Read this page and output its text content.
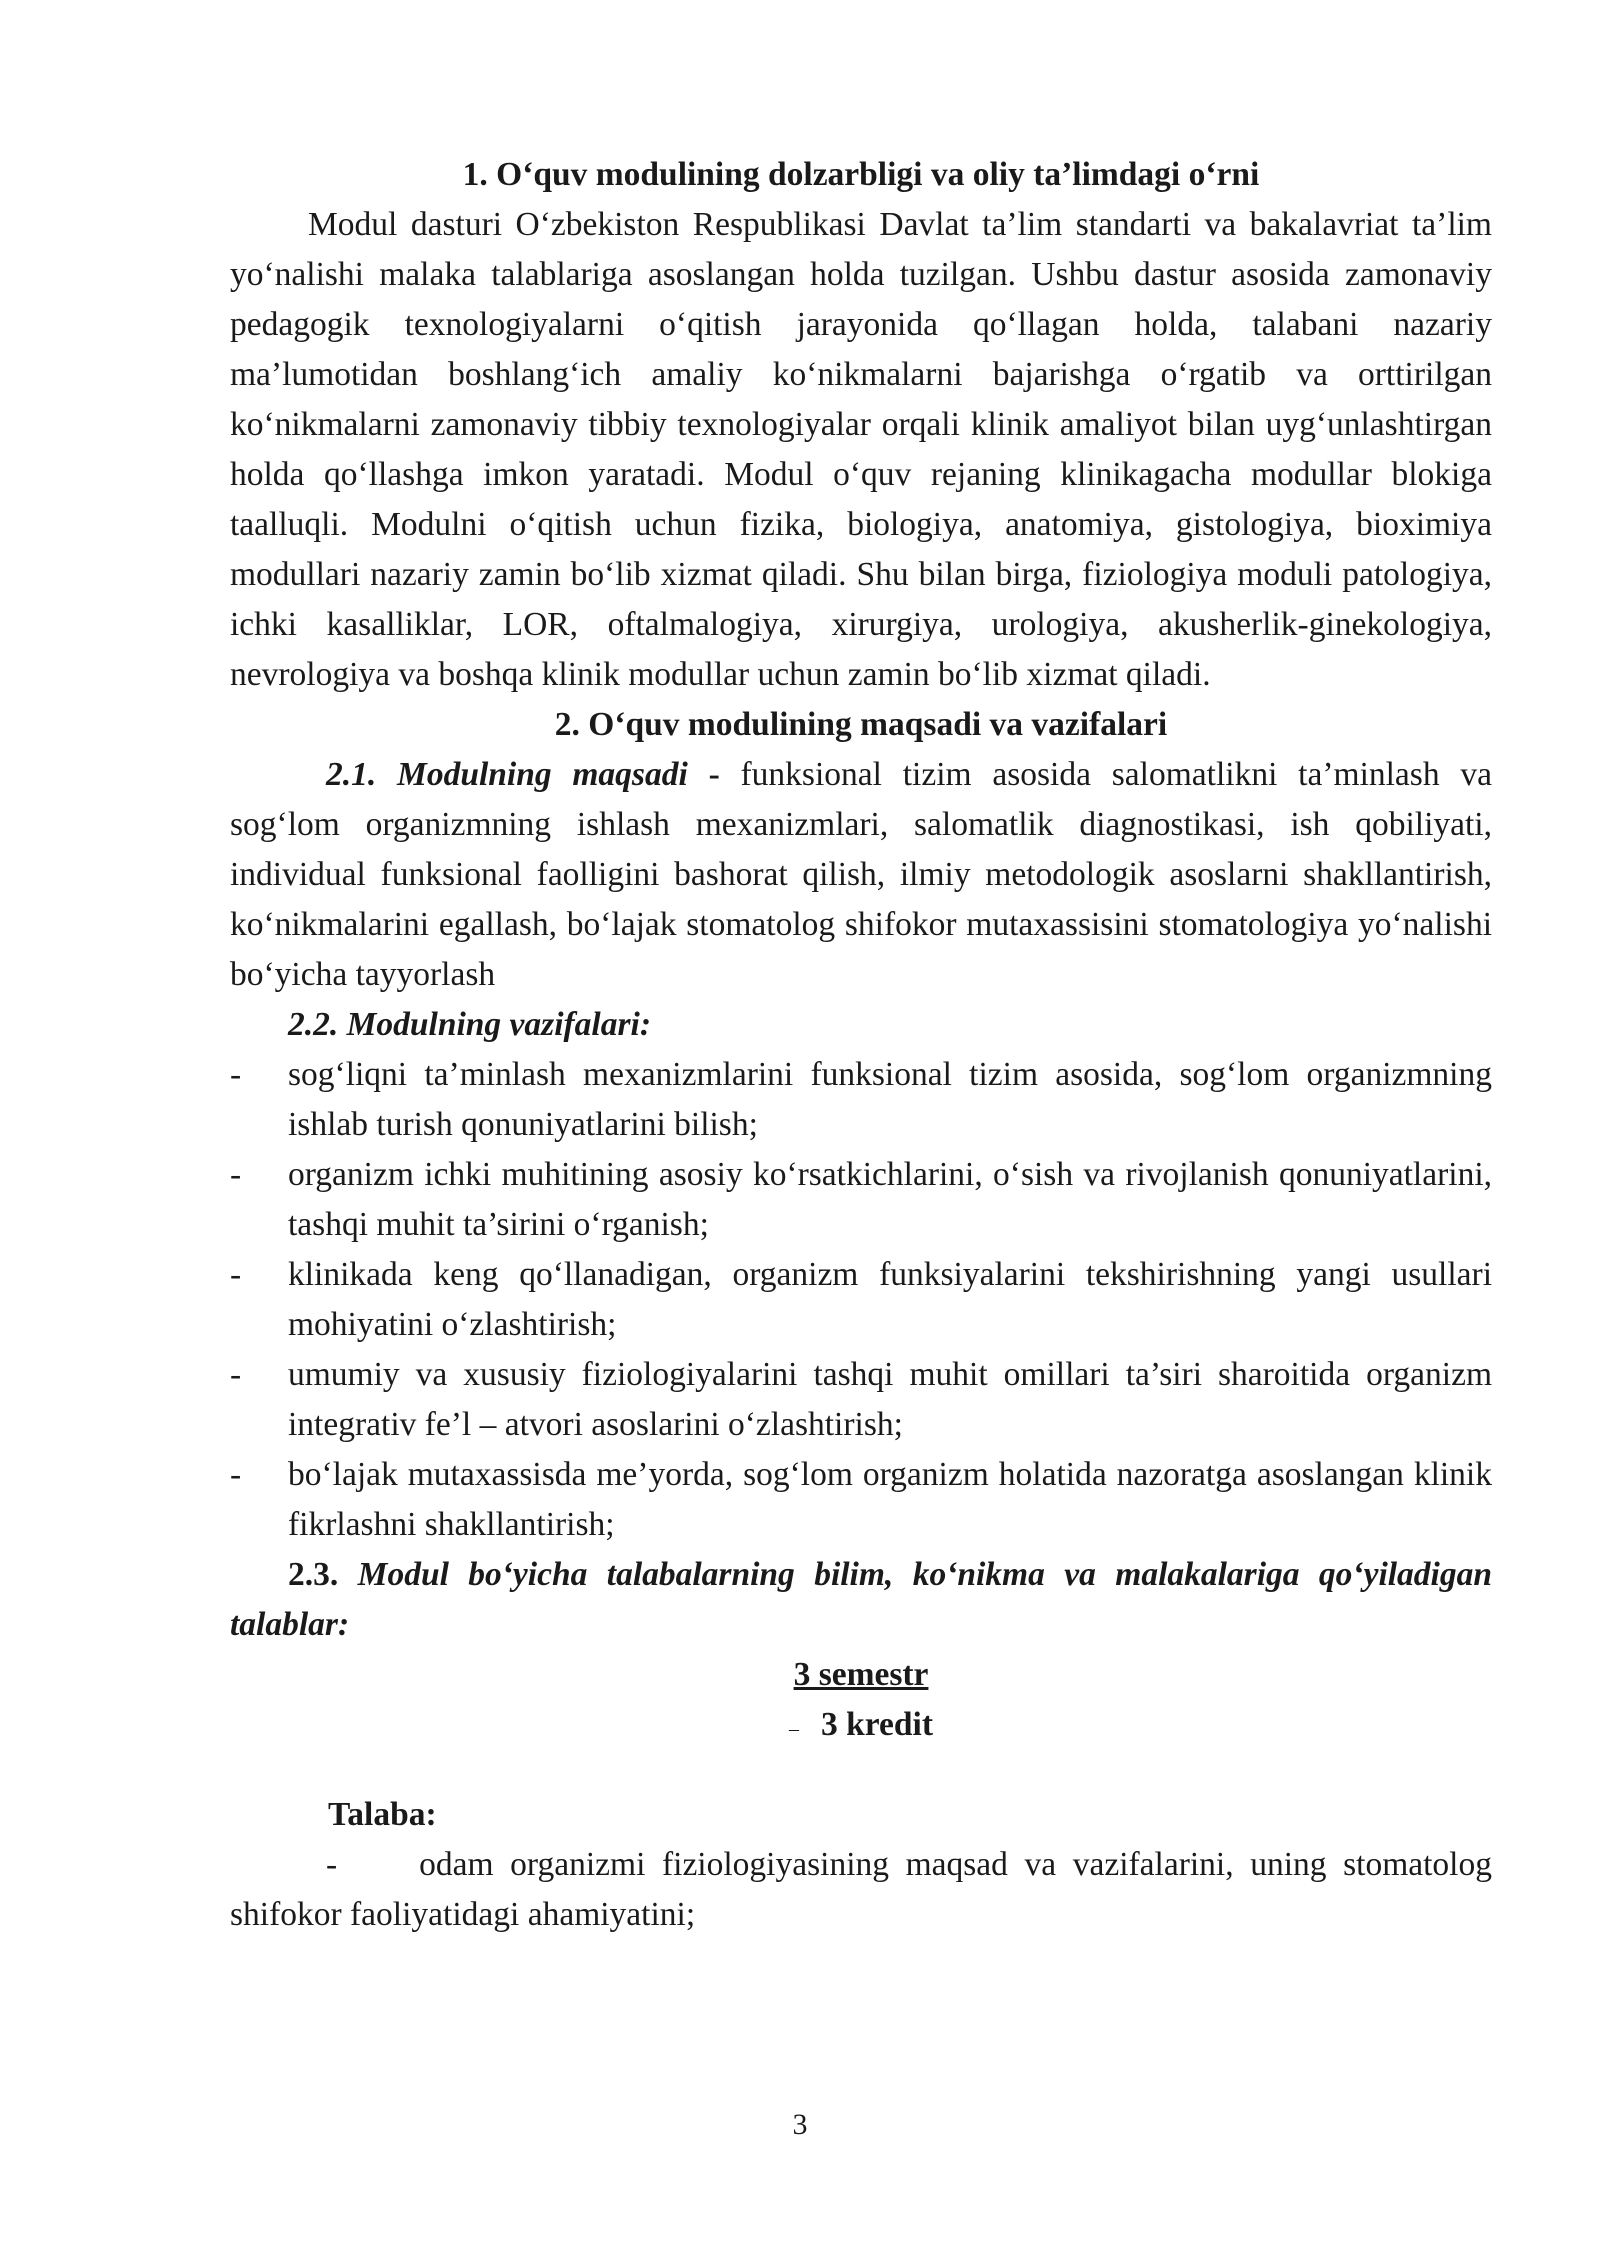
1. O‘quv modulining dolzarbligi va oliy ta’limdagi o‘rni

Modul dasturi O‘zbekiston Respublikasi Davlat ta’lim standarti va bakalavriat ta’lim yo‘nalishi malaka talablariga asoslangan holda tuzilgan. Ushbu dastur asosida zamonaviy pedagogik texnologiyalarni o‘qitish jarayonida qo‘llagan holda, talabani nazariy ma’lumotidan boshlang‘ich amaliy ko‘nikmalarni bajarishga o‘rgatib va orttirilgan ko‘nikmalarni zamonaviy tibbiy texnologiyalar orqali klinik amaliyot bilan uyg‘unlashtirgan holda qo‘llashga imkon yaratadi. Modul o‘quv rejaning klinikagacha modullar blokiga taalluqli. Modulni o‘qitish uchun fizika, biologiya, anatomiya, gistologiya, bioximiya modullari nazariy zamin bo‘lib xizmat qiladi. Shu bilan birga, fiziologiya moduli patologiya, ichki kasalliklar, LOR, oftalmalogiya, xirurgiya, urologiya, akusherlik-ginekologiya, nevrologiya va boshqa klinik modullar uchun zamin bo‘lib xizmat qiladi.

2. O‘quv modulining maqsadi va vazifalari

2.1. Modulning maqsadi - funksional tizim asosida salomatlikni ta’minlash va sog‘lom organizmning ishlash mexanizmlari, salomatlik diagnostikasi, ish qobiliyati, individual funksional faolligini bashorat qilish, ilmiy metodologik asoslarni shakllantirish, ko‘nikmalarini egallash, bo‘lajak stomatolog shifokor mutaxassisini stomatologiya yo‘nalishi bo‘yicha tayyorlash

2.2. Modulning vazifalari:

- sog‘liqni ta’minlash mexanizmlarini funksional tizim asosida, sog‘lom organizmning ishlab turish qonuniyatlarini bilish;
- organizm ichki muhitining asosiy ko‘rsatkichlarini, o‘sish va rivojlanish qonuniyatlarini, tashqi muhit ta’sirini o‘rganish;
- klinikada keng qo‘llanadigan, organizm funksiyalarini tekshirishning yangi usullari mohiyatini o‘zlashtirish;
- umumiy va xususiy fiziologiyalarini tashqi muhit omillari ta’siri sharoitida organizm integrativ fe’l – atvori asoslarini o‘zlashtirish;
- bo‘lajak mutaxassisda me’yorda, sog‘lom organizm holatida nazoratga asoslangan klinik fikrlashni shakllantirish;

2.3. Modul bo‘yicha talabalarning bilim, ko‘nikma va malakalariga qo‘yiladigan talablar:

3 semestr

– 3 kredit

Talaba:

- odam organizmi fiziologiyasining maqsad va vazifalarini, uning stomatolog shifokor faoliyatidagi ahamiyatini;

3
